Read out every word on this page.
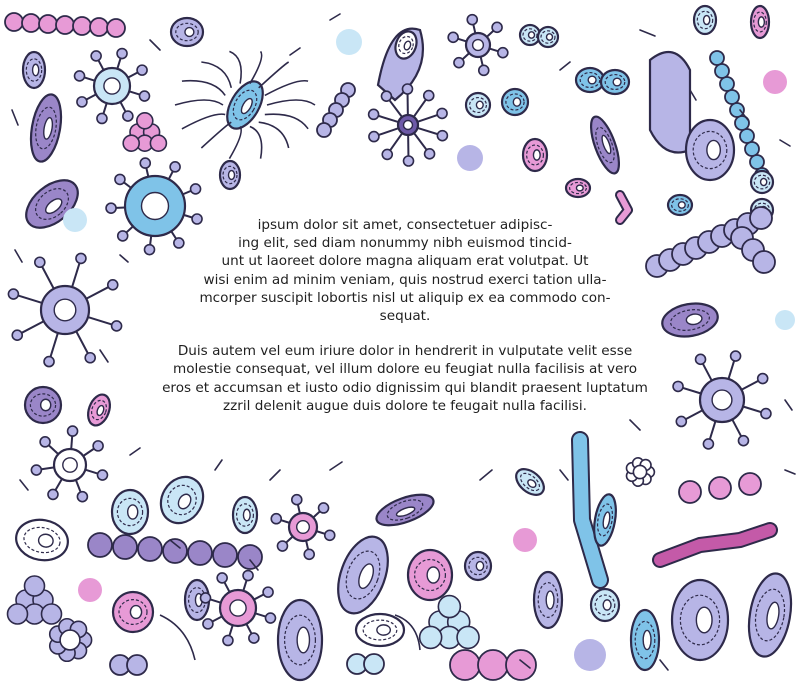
ipsum dolor sit amet, consectetuer adipisc-
ing elit, sed diam nonummy nibh euismod tincid-
unt ut laoreet dolore magna aliquam erat volutpat. Ut
wisi enim ad minim veniam, quis nostrud exerci tation ulla-
mcorper suscipit lobortis nisl ut aliquip ex ea commodo con-
sequat.

Duis autem vel eum iriure dolor in hendrerit in vulputate velit esse
molestie consequat, vel illum dolore eu feugiat nulla facilisis at vero
eros et accumsan et iusto odio dignissim qui blandit praesent luptatum
zzril delenit augue duis dolore te feugait nulla facilisi.
